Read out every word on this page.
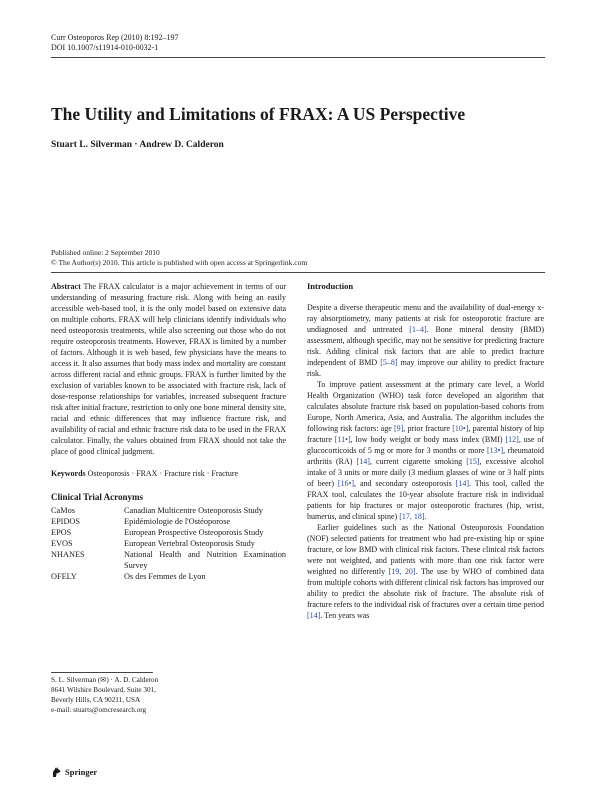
Curr Osteoporos Rep (2010) 8:192–197
DOI 10.1007/s11914-010-0032-1
The Utility and Limitations of FRAX: A US Perspective
Stuart L. Silverman · Andrew D. Calderon
Published online: 2 September 2010
© The Author(s) 2010. This article is published with open access at Springerlink.com

Abstract The FRAX calculator is a major achievement in terms of our understanding of measuring fracture risk. Along with being an easily accessible web-based tool, it is the only model based on extensive data on multiple cohorts. FRAX will help clinicians identify individuals who need osteoporosis treatments, while also screening out those who do not require osteoporosis treatments. However, FRAX is limited by a number of factors. Although it is web based, few physicians have the means to access it. It also assumes that body mass index and mortality are constant across different racial and ethnic groups. FRAX is further limited by the exclusion of variables known to be associated with fracture risk, lack of dose-response relationships for variables, increased subsequent fracture risk after initial fracture, restriction to only one bone mineral density site, racial and ethnic differences that may influence fracture risk, and availability of racial and ethnic fracture risk data to be used in the FRAX calculator. Finally, the values obtained from FRAX should not take the place of good clinical judgment.

Keywords Osteoporosis · FRAX · Fracture risk · Fracture

Clinical Trial Acronyms
CaMos	Canadian Multicentre Osteoporosis Study
EPIDOS	Epidémiologie de l'Ostéoporose
EPOS	European Prospective Osteoporosis Study
EVOS	European Vertebral Osteoporosis Study
NHANES	National Health and Nutrition Examination Survey
OFELY	Os des Femmes de Lyon
S. L. Silverman (✉) · A. D. Calderon
8641 Wilshire Boulevard, Suite 301,
Beverly Hills, CA 90211, USA
e-mail: stuarts@omcresearch.org
Introduction

Despite a diverse therapeutic menu and the availability of dual-energy x-ray absorptiometry, many patients at risk for osteoporotic fracture are undiagnosed and untreated [1–4]. Bone mineral density (BMD) assessment, although specific, may not be sensitive for predicting fracture risk. Adding clinical risk factors that are able to predict fracture independent of BMD [5–8] may improve our ability to predict fracture risk.

To improve patient assessment at the primary care level, a World Health Organization (WHO) task force developed an algorithm that calculates absolute fracture risk based on population-based cohorts from Europe, North America, Asia, and Australia. The algorithm includes the following risk factors: age [9], prior fracture [10•], parental history of hip fracture [11•], low body weight or body mass index (BMI) [12], use of glucocorticoids of 5 mg or more for 3 months or more [13•], rheumatoid arthritis (RA) [14], current cigarette smoking [15], excessive alcohol intake of 3 units or more daily (3 medium glasses of wine or 3 half pints of beer) [16•], and secondary osteoporosis [14]. This tool, called the FRAX tool, calculates the 10-year absolute fracture risk in individual patients for hip fractures or major osteoporotic fractures (hip, wrist, humerus, and clinical spine) [17, 18].

Earlier guidelines such as the National Osteoporosis Foundation (NOF) selected patients for treatment who had pre-existing hip or spine fracture, or low BMD with clinical risk factors. These clinical risk factors were not weighted, and patients with more than one risk factor were weighted no differently [19, 20]. The use by WHO of combined data from multiple cohorts with different clinical risk factors has improved our ability to predict the absolute risk of fracture. The absolute risk of fracture refers to the individual risk of fractures over a certain time period [14]. Ten years was

Springer
